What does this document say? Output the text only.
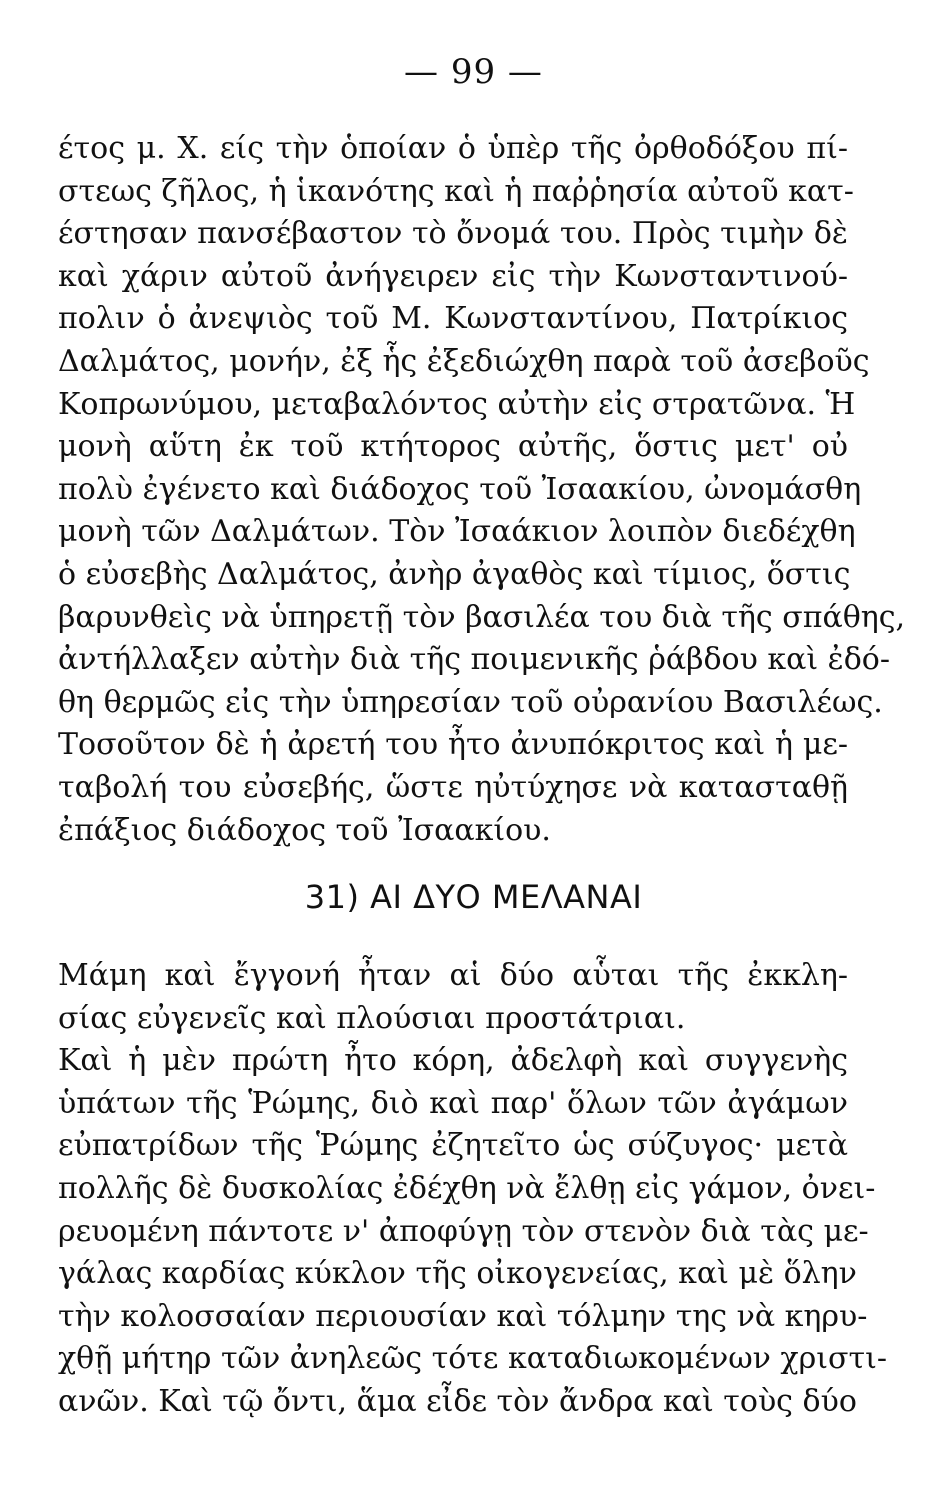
— 99 —
έτος μ. Χ. είς τὴν ὁποίαν ὁ ὑπὲρ τῆς ὀρθοδόξου πί-
στεως ζῆλος, ἡ ἱκανότης καὶ ἡ παῤῥησία αὐτοῦ κατ-
έστησαν πανσέβαστον τὸ ὄνομά του. Πρὸς τιμὴν δὲ
καὶ χάριν αὐτοῦ ἀνήγειρεν εἰς τὴν Κωνσταντινού-
πολιν ὁ ἀνεψιὸς τοῦ Μ. Κωνσταντίνου, Πατρίκιος
Δαλμάτος, μονήν, ἐξ ἧς ἐξεδιώχθη παρὰ τοῦ ἀσεβοῦς
Κοπρωνύμου, μεταβαλόντος αὐτὴν εἰς στρατῶνα. Ἡ
μονὴ αὕτη ἐκ τοῦ κτήτορος αὐτῆς, ὅστις μετ' οὐ
πολὺ ἐγένετο καὶ διάδοχος τοῦ Ἰσαακίου, ὠνομάσθη
μονὴ τῶν Δαλμάτων. Τὸν Ἰσαάκιον λοιπὸν διεδέχθη
ὁ εὐσεβὴς Δαλμάτος, ἀνὴρ ἀγαθὸς καὶ τίμιος, ὅστις
βαρυνθεὶς νὰ ὑπηρετῇ τὸν βασιλέα του διὰ τῆς σπάθης,
ἀντήλλαξεν αὐτὴν διὰ τῆς ποιμενικῆς ῥάβδου καὶ ἐδό-
θη θερμῶς εἰς τὴν ὑπηρεσίαν τοῦ οὐρανίου Βασιλέως.
Τοσοῦτον δὲ ἡ ἀρετή του ἦτο ἀνυπόκριτος καὶ ἡ με-
ταβολή του εὐσεβής, ὥστε ηὐτύχησε νὰ κατασταθῇ
ἐπάξιος διάδοχος τοῦ Ἰσαακίου.
31) ΑΙ ΔΥΟ ΜΕΛΑΝΑΙ
Μάμη καὶ ἔγγονή ἦταν αἱ δύο αὗται τῆς ἐκκλη-
σίας εὐγενεῖς καὶ πλούσιαι προστάτριαι.
Καὶ ἡ μὲν πρώτη ἦτο κόρη, ἀδελφὴ καὶ συγγενὴς
ὑπάτων τῆς Ῥώμης, διὸ καὶ παρ' ὅλων τῶν ἀγάμων
εὐπατρίδων τῆς Ῥώμης ἐζητεῖτο ὡς σύζυγος· μετὰ
πολλῆς δὲ δυσκολίας ἐδέχθη νὰ ἔλθῃ εἰς γάμον, ὀνει-
ρευομένη πάντοτε ν' ἀποφύγῃ τὸν στενὸν διὰ τὰς με-
γάλας καρδίας κύκλον τῆς οἰκογενείας, καὶ μὲ ὅλην
τὴν κολοσσαίαν περιουσίαν καὶ τόλμην της νὰ κηρυ-
χθῇ μήτηρ τῶν ἀνηλεῶς τότε καταδιωκομένων χριστι-
ανῶν. Καὶ τῷ ὄντι, ἅμα εἶδε τὸν ἄνδρα καὶ τοὺς δύο
